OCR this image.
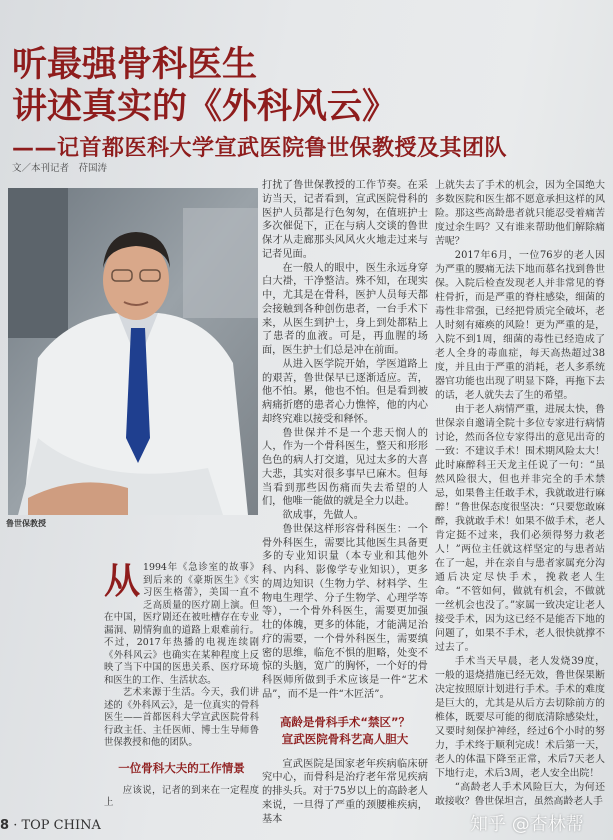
听最强骨科医生
讲述真实的《外科风云》
——记首都医科大学宣武医院鲁世保教授及其团队
文／本刊记者　苻国涛
鲁世保教授
从 1994年《急诊室的故事》到后来的《豪斯医生》《实习医生格蕾》，美国一直不乏高质量的医疗剧上演。但在中国，医疗剧还在被吐槽存在专业漏洞、剧情狗血的道路上艰难前行。不过，2017年热播的电视连续剧《外科风云》也确实在某种程度上反映了当下中国的医患关系、医疗环境和医生的工作、生活状态。

艺术来源于生活。今天，我们讲述的《外科风云》，是一位真实的骨科医生——首都医科大学宣武医院骨科行政主任、主任医师、博士生导师鲁世保教授和他的团队。

一位骨科大夫的工作情景

应该说，记者的到来在一定程度上

打扰了鲁世保教授的工作节奏。在采访当天，记者看到，宣武医院骨科的医护人员都是行色匆匆，在值班护士多次催促下，正在与病人交谈的鲁世保才从走廊那头风风火火地走过来与记者见面。

在一般人的眼中，医生永远身穿白大褂，干净整洁。殊不知，在现实中，尤其是在骨科，医护人员每天都会接触到各种创伤患者，一台手术下来，从医生到护士，身上到处都粘上了患者的血液。可是，再血腥的场面，医生护士们总是冲在前面。

从进入医学院开始，学医道路上的艰苦，鲁世保早已逐渐适应。苦，他不怕。累，他也不怕。但是看到被病痛折磨的患者心力憔悴，他的内心却终究难以接受和释怀。

鲁世保并不是一个悲天悯人的人，作为一个骨科医生，整天和形形色色的病人打交道，见过太多的大喜大悲，其实对很多事早已麻木。但每当看到那些因伤痛而失去希望的人们，他唯一能做的就是全力以赴。

欲成事，先做人。

鲁世保这样形容骨科医生：一个骨外科医生，需要比其他医生具备更多的专业知识量（本专业和其他外科、内科、影像学专业知识），更多的周边知识（生物力学、材料学、生物电生理学、分子生物学、心理学等等），一个骨外科医生，需要更加强壮的体魄，更多的体能，才能满足治疗的需要，一个骨外科医生，需要缜密的思维，临危不惧的胆略，处变不惊的头脑，宽广的胸怀，一个好的骨科医师所做到手术应该是一件“艺术品”，而不是一件“木匠活”。

高龄是骨科手术“禁区”？
宣武医院骨科艺高人胆大

宣武医院是国家老年疾病临床研究中心，而骨科是治疗老年常见疾病的排头兵。对于75岁以上的高龄老人来说，一旦得了严重的颈腰椎疾病，基本

上就失去了手术的机会，因为全国绝大多数医院和医生都不愿意承担这样的风险。那这些高龄患者就只能忍受着痛苦度过余生吗？又有谁来帮助他们解除痛苦呢？

2017年6月，一位76岁的老人因为严重的腰痛无法下地而慕名找到鲁世保。入院后检查发现老人并非常见的脊柱骨折，而是严重的脊柱感染，细菌的毒性非常强，已经把骨质完全破坏，老人时刻有瘫痪的风险！更为严重的是，入院不到1周，细菌的毒性已经造成了老人全身的毒血症，每天高热超过38度，并且由于严重的消耗，老人多系统器官功能也出现了明显下降，再拖下去的话，老人就失去了生的希望。

由于老人病情严重，进展太快，鲁世保亲自邀请全院十多位专家进行病情讨论，然而各位专家得出的意见出奇的一致：不建议手术！围术期风险太大！此时麻醉科王天龙主任说了一句：“虽然风险很大，但也并非完全的手术禁忌，如果鲁主任敢手术，我就敢进行麻醉！”鲁世保态度很坚决：“只要您敢麻醉，我就敢手术！如果不做手术，老人肯定挺不过来，我们必须得努力救老人！”两位主任就这样坚定的与患者站在了一起，并在亲自与患者家属充分沟通后决定尽快手术，挽救老人生命。“不管如何，做就有机会，不做就一丝机会也没了。”家属一致决定让老人接受手术，因为这已经不是能否下地的问题了，如果不手术，老人很快就撑不过去了。

手术当天早晨，老人发烧39度，一般的退烧措施已经无效，鲁世保果断决定按照原计划进行手术。手术的难度是巨大的，尤其是从后方去切除前方的椎体，既要尽可能的彻底清除感染灶，又要时刻保护神经，经过6个小时的努力，手术终于顺利完成！术后第一天，老人的体温下降至正常，术后7天老人下地行走，术后3周，老人安全出院！

“高龄老人手术风险巨大，为何还敢接收？鲁世保坦言，虽然高龄老人手

8 · TOP CHINA	知乎 @杏林帮
